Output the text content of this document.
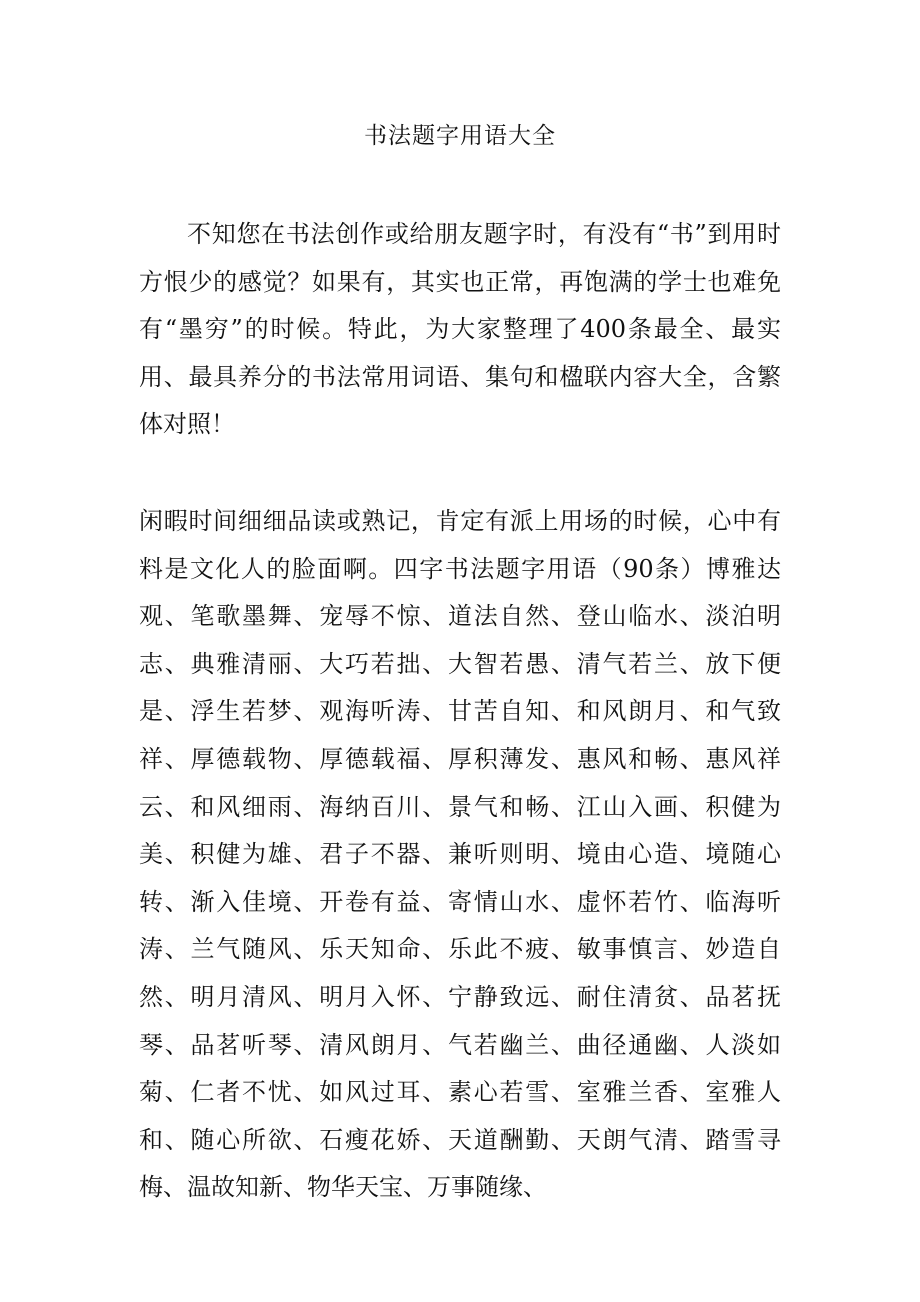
书法题字用语大全

不知您在书法创作或给朋友题字时，有没有“书”到用时方恨少的感觉？如果有，其实也正常，再饱满的学士也难免有“墨穷”的时候。特此，为大家整理了400条最全、最实用、最具养分的书法常用词语、集句和楹联内容大全，含繁体对照！

闲暇时间细细品读或熟记，肯定有派上用场的时候，心中有料是文化人的脸面啊。四字书法题字用语（90条）博雅达观、笔歌墨舞、宠辱不惊、道法自然、登山临水、淡泊明志、典雅清丽、大巧若拙、大智若愚、清气若兰、放下便是、浮生若梦、观海听涛、甘苦自知、和风朗月、和气致祥、厚德载物、厚德载福、厚积薄发、惠风和畅、惠风祥云、和风细雨、海纳百川、景气和畅、江山入画、积健为美、积健为雄、君子不器、兼听则明、境由心造、境随心转、渐入佳境、开卷有益、寄情山水、虚怀若竹、临海听涛、兰气随风、乐天知命、乐此不疲、敏事慎言、妙造自然、明月清风、明月入怀、宁静致远、耐住清贫、品茗抚琴、品茗听琴、清风朗月、气若幽兰、曲径通幽、人淡如菊、仁者不忧、如风过耳、素心若雪、室雅兰香、室雅人和、随心所欲、石瘦花娇、天道酬勤、天朗气清、踏雪寻梅、温故知新、物华天宝、万事随缘、
